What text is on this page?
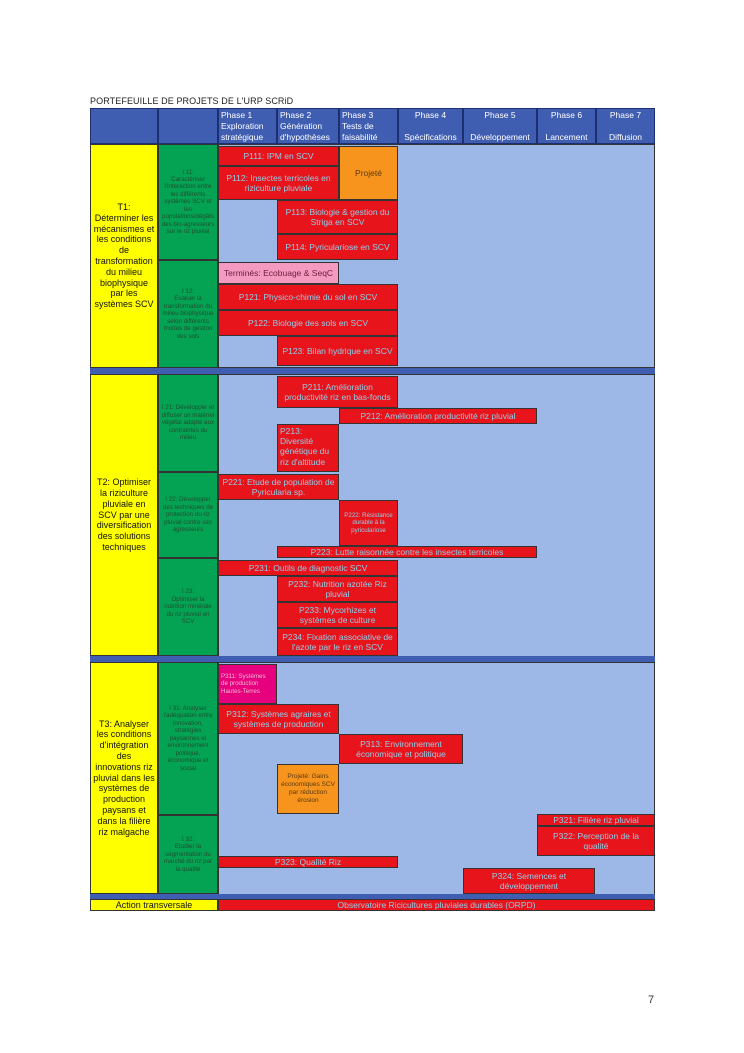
PORTEFEUILLE DE PROJETS DE L'URP SCRiD
Phase 1
Exploration
stratégique
Phase 2
Génération
d'hypothèses
Phase 3
Tests de
faisabilité
Phase 4

Spécifications
Phase 5

Développement
Phase 6

Lancement
Phase 7

Diffusion
T1:
Déterminer les mécanismes et les conditions de transformation du milieu biophysique par les systèmes SCV
T2: Optimiser la riziculture pluviale en SCV par une diversification des solutions techniques
T3: Analyser les conditions d'intégration des innovations riz pluvial dans les systèmes de production paysans et dans la filière riz malgache
I 11:
Caractériser l'interaction entre les différents systèmes SCV et les populations/dégâts des bio-agresseurs sur le riz pluvial
I 12:
Evaluer la transformation du milieu biophysique selon différents modes de gestion des sols
I 21: Développer et diffuser un matériel végétal adapté aux contraintes du milieu
I 22: Développer des techniques de protection du riz pluvial contre ses agresseurs
I 23:
Optimiser la nutrition minérale du riz pluvial en SCV
I 31: Analyser l'adéquation entre innovation, stratégies paysannes et environnement politique, économique et social
I 32:
Etudier la segmentation du marché du riz par la qualité
P111: IPM en SCV
Projeté
P112: Insectes terricoles en riziculture pluviale
P113: Biologie & gestion du Striga en SCV
P114: Pyriculariose en SCV
Terminés: Ecobuage & SeqC
P121: Physico-chimie du sol en SCV
P122: Biologie des sols en SCV
P123: Bilan hydrique en SCV
P211: Amélioration productivité riz en bas-fonds
P212: Amélioration productivité riz pluvial
P213: Diversité génétique du riz d'altitude
P221: Etude de population de Pyricularia sp.
P222: Résistance durable à la pyriculariose
P223: Lutte raisonnée contre les insectes terricoles
P231: Outils de diagnostic SCV
P232: Nutrition azotée Riz pluvial
P233: Mycorhizes et systèmes de culture
P234: Fixation associative de l'azote par le riz en SCV
P311: Systèmes de production Hautes-Terres
P312: Systèmes agraires et systèmes de production
P313: Environnement économique et politique
Projeté: Gains économiques SCV par réduction érosion
P321: Filière riz pluvial
P322: Perception de la qualité
P323: Qualité Riz
P324: Semences et développement
Action transversale	Observatoire Ricicultures pluviales durables (ORPD)
7
